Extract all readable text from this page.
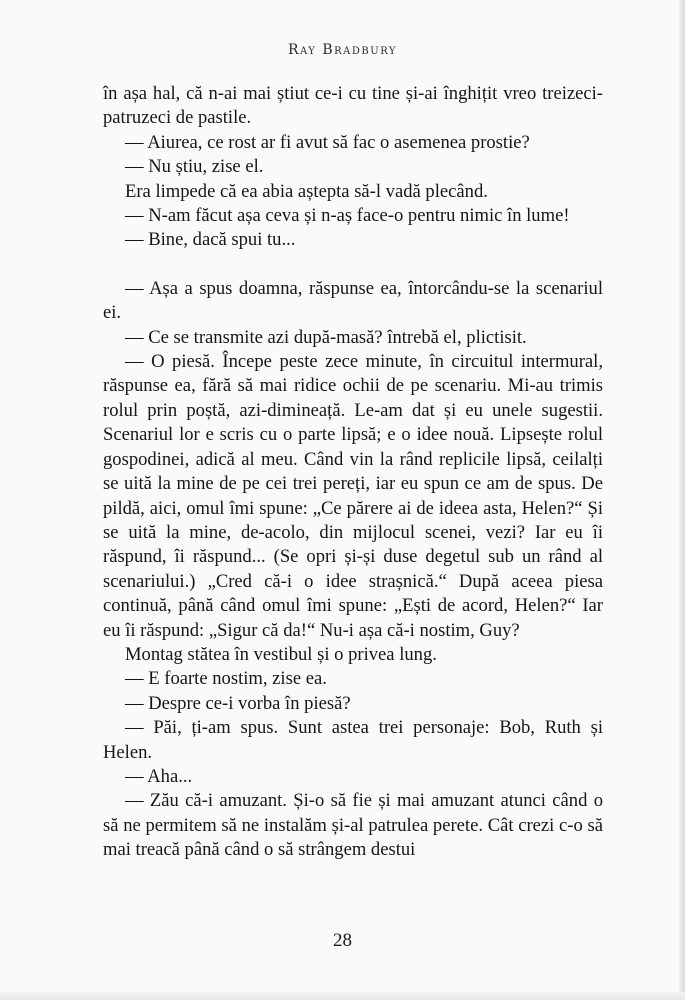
Ray Bradbury

în așa hal, că n-ai mai știut ce-i cu tine și-ai înghițit vreo treizeci-patruzeci de pastile.

— Aiurea, ce rost ar fi avut să fac o asemenea prostie?

— Nu știu, zise el.

Era limpede că ea abia aștepta să-l vadă plecând.

— N-am făcut așa ceva și n-aș face-o pentru nimic în lume!

— Bine, dacă spui tu...

— Așa a spus doamna, răspunse ea, întorcându-se la scenariul ei.

— Ce se transmite azi după-masă? întrebă el, plictisit.

— O piesă. Începe peste zece minute, în circuitul intermural, răspunse ea, fără să mai ridice ochii de pe scenariu. Mi-au trimis rolul prin poștă, azi-dimineață. Le-am dat și eu unele sugestii. Scenariul lor e scris cu o parte lipsă; e o idee nouă. Lipsește rolul gospodinei, adică al meu. Când vin la rând replicile lipsă, ceilalți se uită la mine de pe cei trei pereți, iar eu spun ce am de spus. De pildă, aici, omul îmi spune: „Ce părere ai de ideea asta, Helen?“ Și se uită la mine, de-acolo, din mijlocul scenei, vezi? Iar eu îi răspund, îi răspund... (Se opri și-și duse degetul sub un rând al scenariului.) „Cred că-i o idee strașnică.“ După aceea piesa continuă, până când omul îmi spune: „Ești de acord, Helen?“ Iar eu îi răspund: „Sigur că da!“ Nu-i așa că-i nostim, Guy?

Montag stătea în vestibul și o privea lung.

— E foarte nostim, zise ea.

— Despre ce-i vorba în piesă?

— Păi, ți-am spus. Sunt astea trei personaje: Bob, Ruth și Helen.

— Aha...

— Zău că-i amuzant. Și-o să fie și mai amuzant atunci când o să ne permitem să ne instalăm și-al patrulea perete. Cât crezi c-o să mai treacă până când o să strângem destui

28
